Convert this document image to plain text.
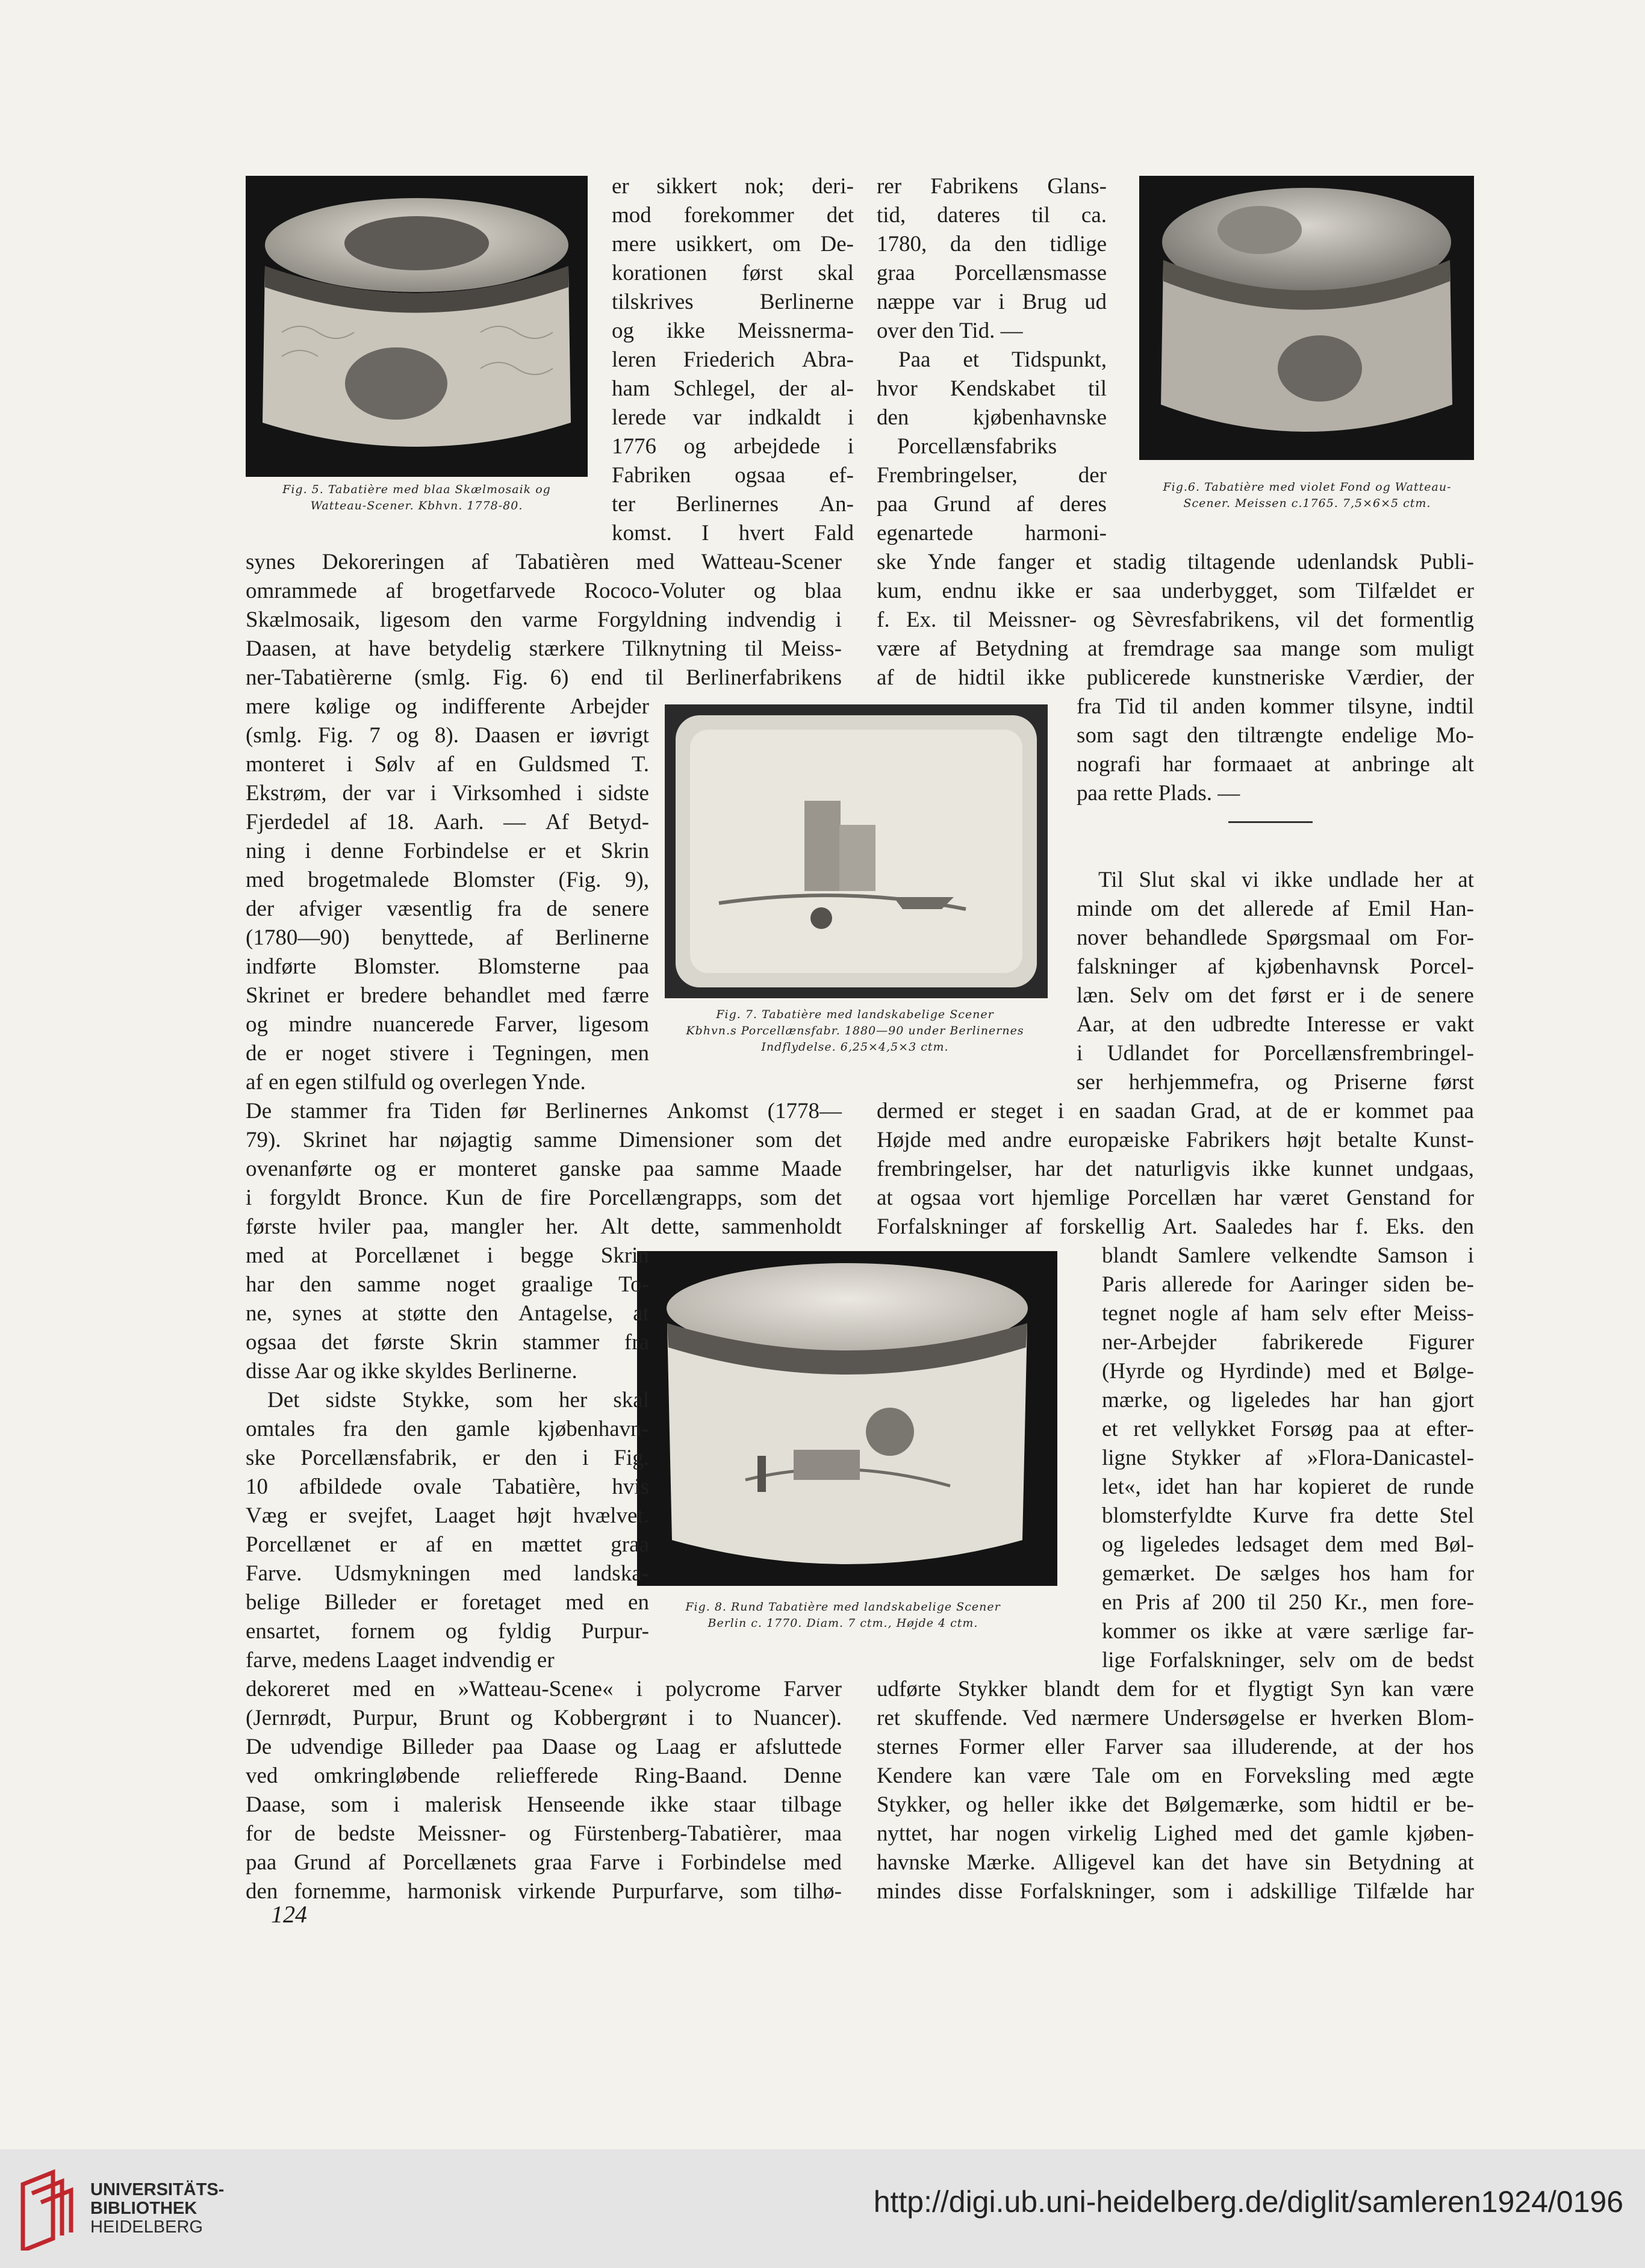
Fig. 5. Tabatière med blaa Skælmosaik og
Watteau-Scener. Kbhvn. 1778-80.
Fig.6. Tabatière med violet Fond og Watteau-
Scener. Meissen c.1765. 7,5×6×5 ctm.
Fig. 7. Tabatière med landskabelige Scener
Kbhvn.s Porcellænsfabr. 1880—90 under Berlinernes
Indflydelse. 6,25×4,5×3 ctm.
Fig. 8. Rund Tabatière med landskabelige Scener
Berlin c. 1770. Diam. 7 ctm., Højde 4 ctm.
er sikkert nok; deri-
mod forekommer det
mere usikkert, om De-
korationen først skal
tilskrives	Berlinerne
og ikke Meissnerma-
leren Friederich Abra-
ham Schlegel, der al-
lerede var indkaldt i
1776 og arbejdede i
Fabriken ogsaa ef-
ter Berlinernes An-
komst. I hvert Fald
synes Dekoreringen af Tabatièren med Watteau-Scener
omrammede af brogetfarvede Rococo-Voluter og blaa
Skælmosaik, ligesom den varme Forgyldning indvendig i
Daasen, at have betydelig stærkere Tilknytning til Meiss-
ner-Tabatièrerne (smlg. Fig. 6) end til Berlinerfabrikens
mere kølige og indifferente Arbejder
(smlg. Fig. 7 og 8). Daasen er iøvrigt
monteret i Sølv af en Guldsmed T.
Ekstrøm, der var i Virksomhed i sidste
Fjerdedel af 18. Aarh. — Af Betyd-
ning i denne Forbindelse er et Skrin
med brogetmalede Blomster (Fig. 9),
der afviger væsentlig fra de senere
(1780—90) benyttede, af Berlinerne
indførte Blomster. Blomsterne paa
Skrinet er bredere behandlet med færre
og mindre nuancerede Farver, ligesom
de er noget stivere i Tegningen, men
af en egen stilfuld og overlegen Ynde.
De stammer fra Tiden før Berlinernes Ankomst (1778—
79). Skrinet har nøjagtig samme Dimensioner som det
ovenanførte og er monteret ganske paa samme Maade
i forgyldt Bronce. Kun de fire Porcellængrapps, som det
første hviler paa, mangler her. Alt dette, sammenholdt
med at Porcellænet i begge Skrin
har den samme noget graalige To-
ne, synes at støtte den Antagelse, at
ogsaa det første Skrin stammer fra
disse Aar og ikke skyldes Berlinerne.
Det sidste Stykke, som her skal
omtales fra den gamle kjøbenhavn-
ske Porcellænsfabrik, er den i Fig.
10 afbildede ovale Tabatière, hvis
Væg er svejfet, Laaget højt hvælvet.
Porcellænet er af en mættet graa
Farve. Udsmykningen med landska-
belige Billeder er foretaget med en
ensartet, fornem og fyldig Purpur-
farve, medens Laaget indvendig er
dekoreret med en »Watteau-Scene« i polycrome Farver
(Jernrødt, Purpur, Brunt og Kobbergrønt i to Nuancer).
De udvendige Billeder paa Daase og Laag er afsluttede
ved omkringløbende reliefferede Ring-Baand. Denne
Daase, som i malerisk Henseende ikke staar tilbage
for de bedste Meissner- og Fürstenberg-Tabatièrer, maa
paa Grund af Porcellænets graa Farve i Forbindelse med
den fornemme, harmonisk virkende Purpurfarve, som tilhø-
rer Fabrikens Glans-
tid, dateres til ca.
1780, da den tidlige
graa Porcellænsmasse
næppe var i Brug ud
over den Tid. —
Paa et Tidspunkt,
hvor Kendskabet til
den	kjøbenhavnske
Porcellænsfabriks
Frembringelser,	der
paa Grund af deres
egenartede harmoni-
ske Ynde fanger et stadig tiltagende udenlandsk Publi-
kum, endnu ikke er saa underbygget, som Tilfældet er
f. Ex. til Meissner- og Sèvresfabrikens, vil det formentlig
være af Betydning at fremdrage saa mange som muligt
af de hidtil ikke publicerede kunstneriske Værdier, der
fra Tid til anden kommer tilsyne, indtil
som sagt den tiltrængte endelige Mo-
nografi har formaaet at anbringe alt
paa rette Plads. —
Til Slut skal vi ikke undlade her at
minde om det allerede af Emil Han-
nover behandlede Spørgsmaal om For-
falskninger af kjøbenhavnsk Porcel-
læn. Selv om det først er i de senere
Aar, at den udbredte Interesse er vakt
i Udlandet for Porcellænsfrembringel-
ser herhjemmefra, og Priserne først
dermed er steget i en saadan Grad, at de er kommet paa
Højde med andre europæiske Fabrikers højt betalte Kunst-
frembringelser, har det naturligvis ikke kunnet undgaas,
at ogsaa vort hjemlige Porcellæn har været Genstand for
Forfalskninger af forskellig Art. Saaledes har f. Eks. den
blandt Samlere velkendte Samson i
Paris allerede for Aaringer siden be-
tegnet nogle af ham selv efter Meiss-
ner-Arbejder fabrikerede Figurer
(Hyrde og Hyrdinde) med et Bølge-
mærke, og ligeledes har han gjort
et ret vellykket Forsøg paa at efter-
ligne Stykker af »Flora-Danicastel-
let«, idet han har kopieret de runde
blomsterfyldte Kurve fra dette Stel
og ligeledes ledsaget dem med Bøl-
gemærket. De sælges hos ham for
en Pris af 200 til 250 Kr., men fore-
kommer os ikke at være særlige far-
lige Forfalskninger, selv om de bedst
udførte Stykker blandt dem for et flygtigt Syn kan være
ret skuffende. Ved nærmere Undersøgelse er hverken Blom-
sternes Former eller Farver saa illuderende, at der hos
Kendere kan være Tale om en Forveksling med ægte
Stykker, og heller ikke det Bølgemærke, som hidtil er be-
nyttet, har nogen virkelig Lighed med det gamle kjøben-
havnske Mærke. Alligevel kan det have sin Betydning at
mindes disse Forfalskninger, som i adskillige Tilfælde har
124
UNIVERSITÄTS-
BIBLIOTHEK
HEIDELBERG
http://digi.ub.uni-heidelberg.de/diglit/samleren1924/0196
